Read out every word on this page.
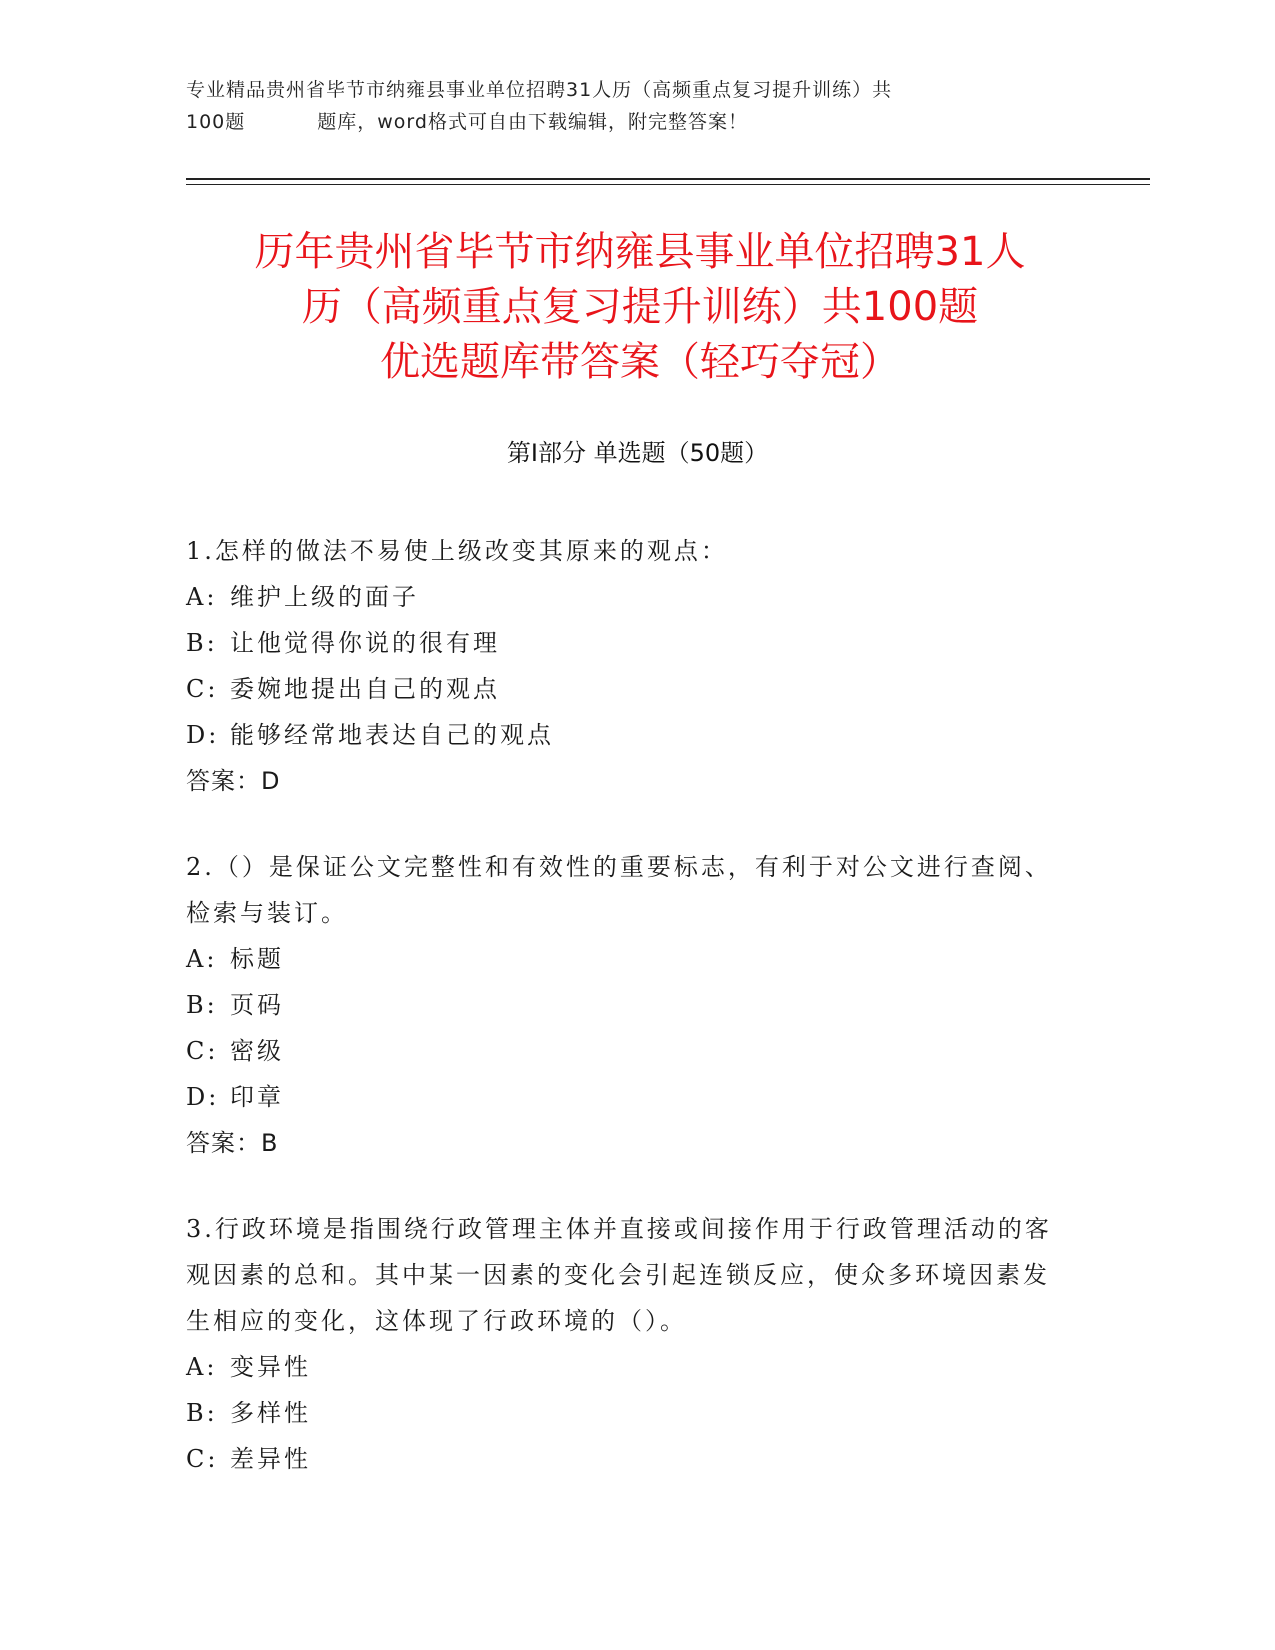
专业精品贵州省毕节市纳雍县事业单位招聘31人历（高频重点复习提升训练）共
100题	题库，word格式可自由下载编辑，附完整答案！
历年贵州省毕节市纳雍县事业单位招聘31人
历（高频重点复习提升训练）共100题
优选题库带答案（轻巧夺冠）
第Ⅰ部分 单选题（50题）
1.怎样的做法不易使上级改变其原来的观点：
A: 维护上级的面子
B: 让他觉得你说的很有理
C: 委婉地提出自己的观点
D: 能够经常地表达自己的观点
答案：D
2.（）是保证公文完整性和有效性的重要标志，有利于对公文进行查阅、检索与装订。
A: 标题
B: 页码
C: 密级
D: 印章
答案：B
3.行政环境是指围绕行政管理主体并直接或间接作用于行政管理活动的客观因素的总和。其中某一因素的变化会引起连锁反应，使众多环境因素发生相应的变化，这体现了行政环境的（）。
A: 变异性
B: 多样性
C: 差异性
